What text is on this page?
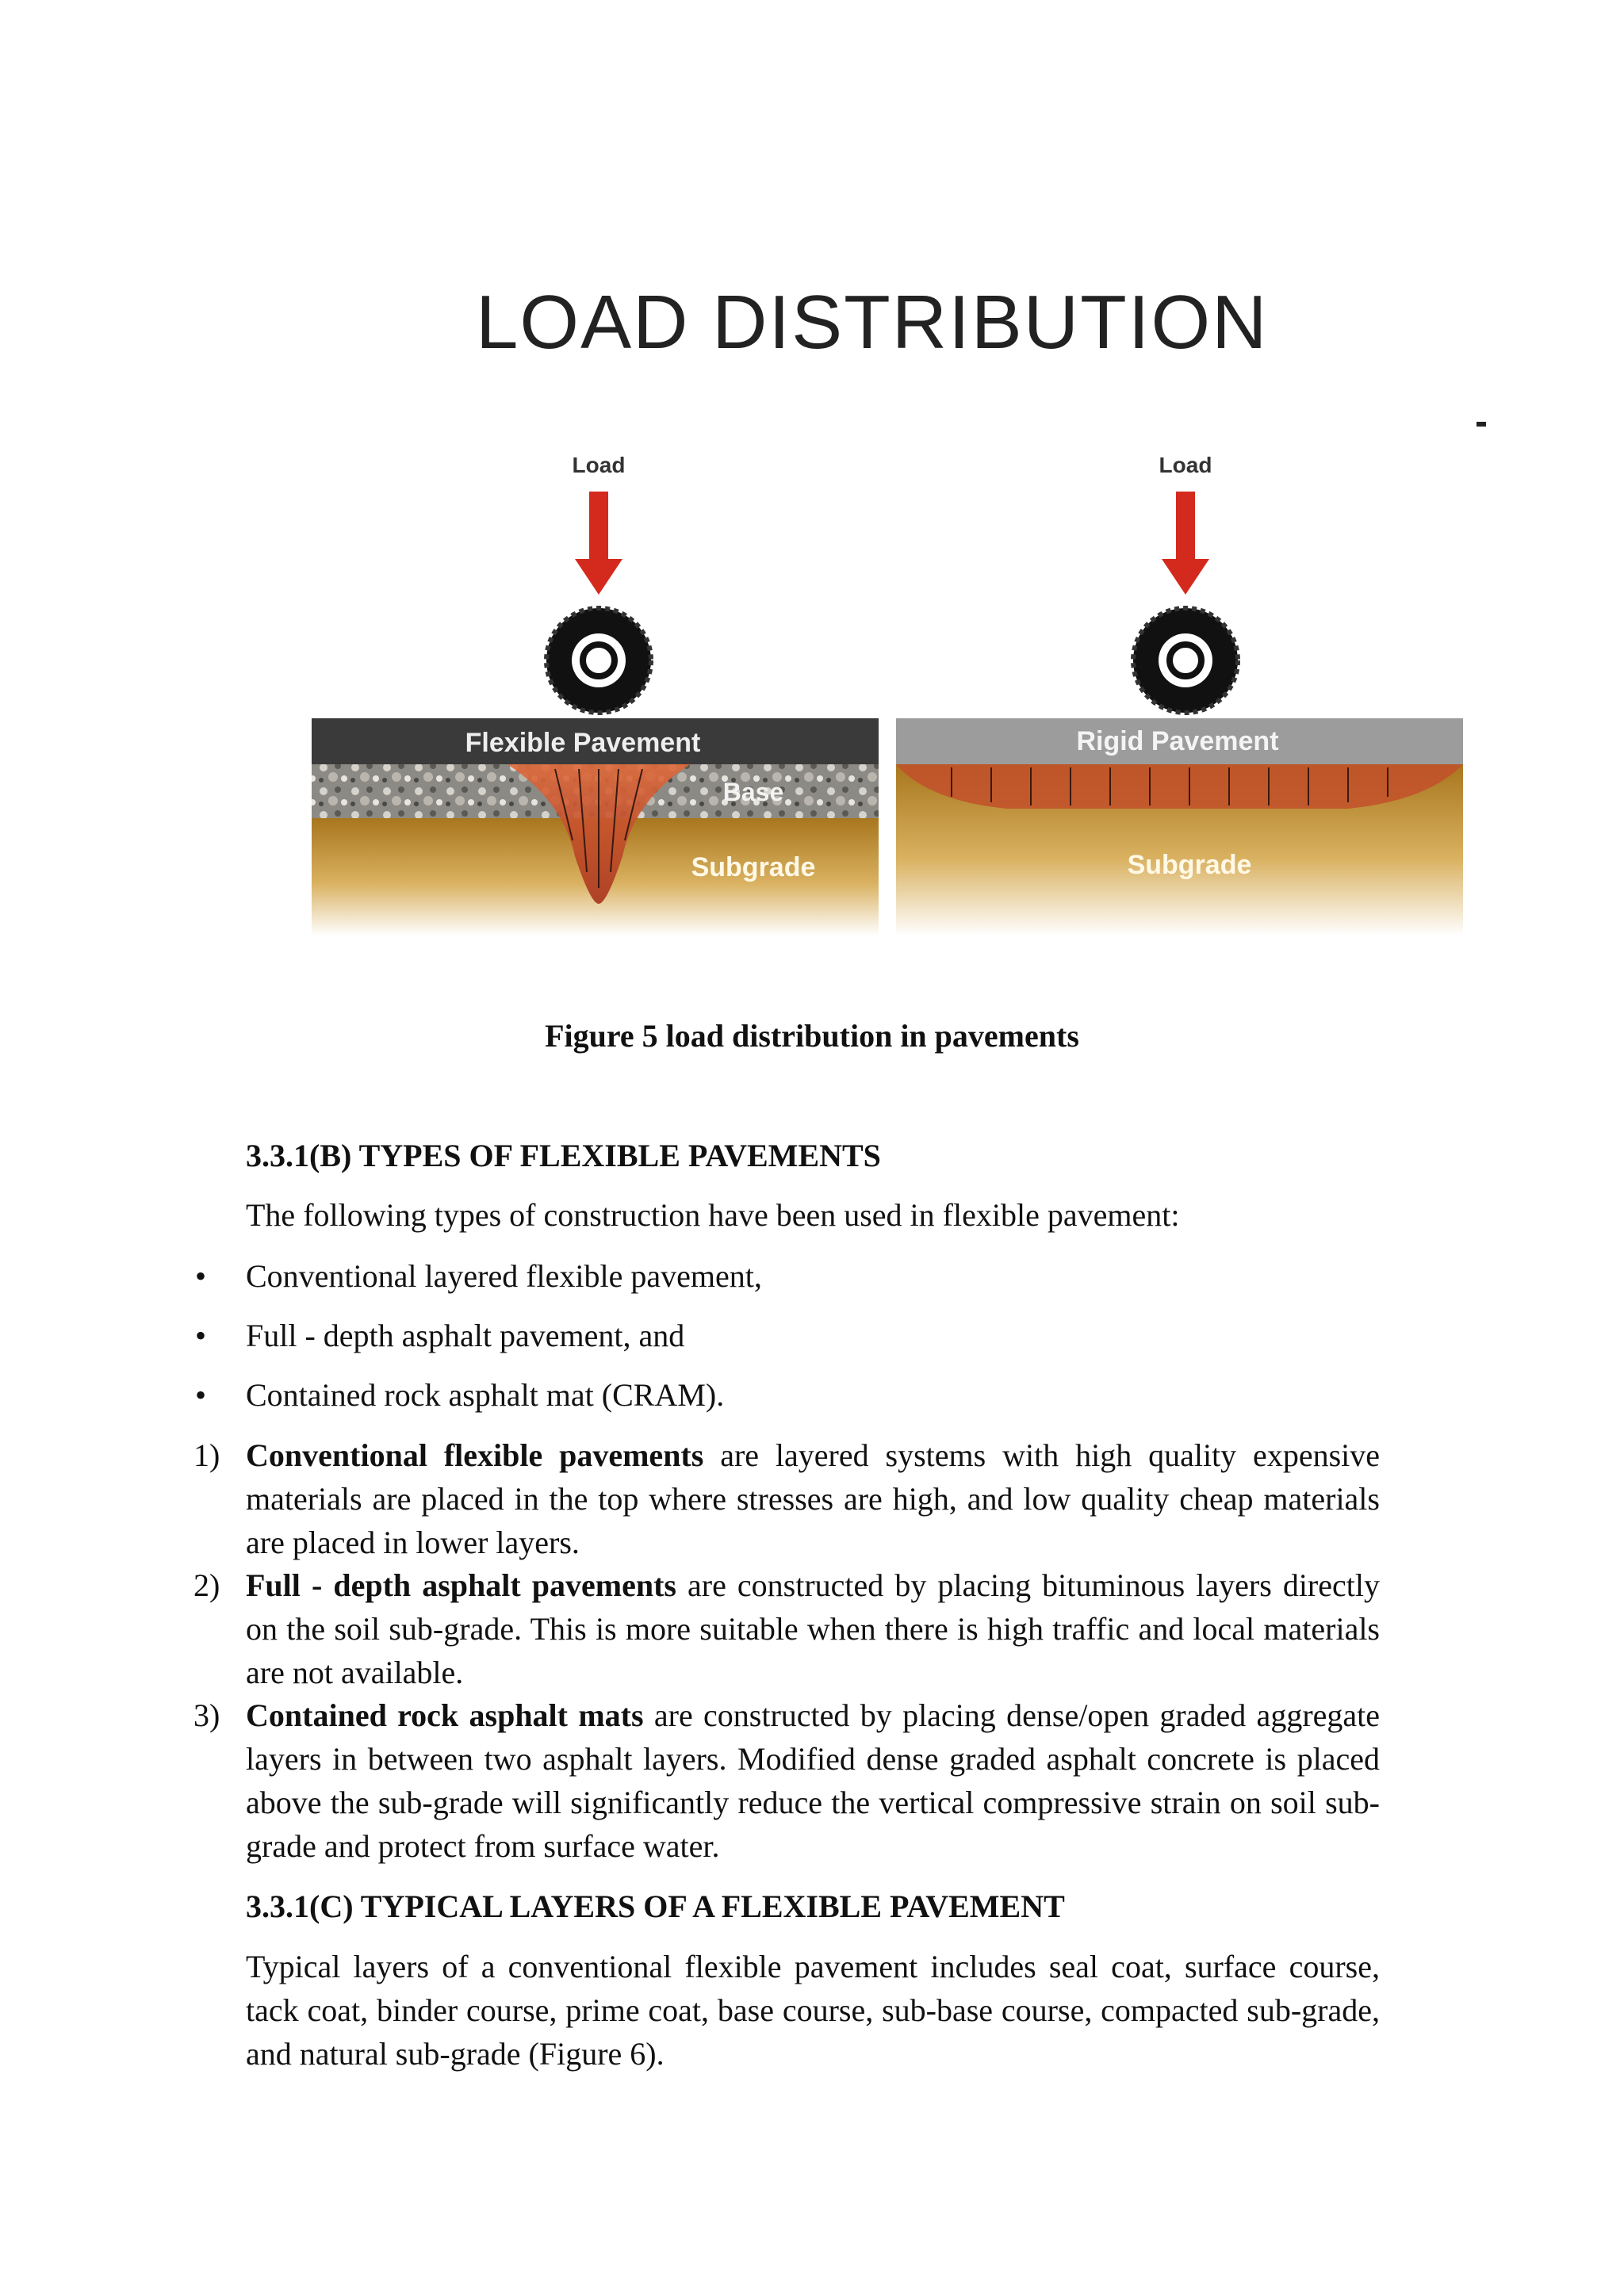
LOAD DISTRIBUTION
Load
Flexible Pavement
Base
Subgrade
Load
Rigid Pavement
Subgrade
Figure 5 load distribution in pavements
3.3.1(B) TYPES OF FLEXIBLE PAVEMENTS
The following types of construction have been used in flexible pavement:
• Conventional layered flexible pavement,
• Full - depth asphalt pavement, and
• Contained rock asphalt mat (CRAM).
1) Conventional flexible pavements are layered systems with high quality expensive materials are placed in the top where stresses are high, and low quality cheap materials are placed in lower layers.
2) Full - depth asphalt pavements are constructed by placing bituminous layers directly on the soil sub-grade. This is more suitable when there is high traffic and local materials are not available.
3) Contained rock asphalt mats are constructed by placing dense/open graded aggregate layers in between two asphalt layers. Modified dense graded asphalt concrete is placed above the sub-grade will significantly reduce the vertical compressive strain on soil sub-grade and protect from surface water.
3.3.1(C) TYPICAL LAYERS OF A FLEXIBLE PAVEMENT
Typical layers of a conventional flexible pavement includes seal coat, surface course, tack coat, binder course, prime coat, base course, sub-base course, compacted sub-grade, and natural sub-grade (Figure 6).
